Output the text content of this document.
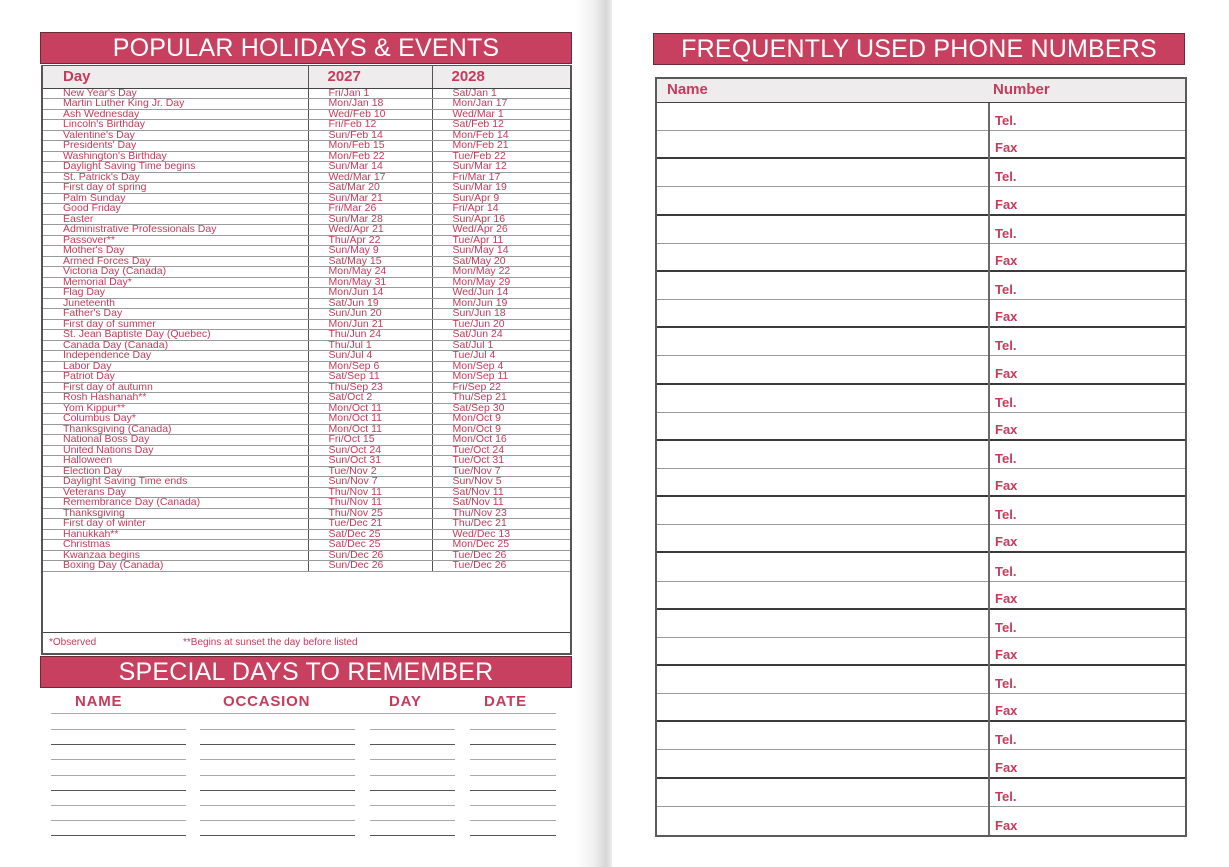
POPULAR HOLIDAYS & EVENTS
Day	2027	2028
New Year's Day	Fri/Jan 1	Sat/Jan 1
Martin Luther King Jr. Day	Mon/Jan 18	Mon/Jan 17
Ash Wednesday	Wed/Feb 10	Wed/Mar 1
Lincoln's Birthday	Fri/Feb 12	Sat/Feb 12
Valentine's Day	Sun/Feb 14	Mon/Feb 14
Presidents' Day	Mon/Feb 15	Mon/Feb 21
Washington's Birthday	Mon/Feb 22	Tue/Feb 22
Daylight Saving Time begins	Sun/Mar 14	Sun/Mar 12
St. Patrick's Day	Wed/Mar 17	Fri/Mar 17
First day of spring	Sat/Mar 20	Sun/Mar 19
Palm Sunday	Sun/Mar 21	Sun/Apr 9
Good Friday	Fri/Mar 26	Fri/Apr 14
Easter	Sun/Mar 28	Sun/Apr 16
Administrative Professionals Day	Wed/Apr 21	Wed/Apr 26
Passover**	Thu/Apr 22	Tue/Apr 11
Mother's Day	Sun/May 9	Sun/May 14
Armed Forces Day	Sat/May 15	Sat/May 20
Victoria Day (Canada)	Mon/May 24	Mon/May 22
Memorial Day*	Mon/May 31	Mon/May 29
Flag Day	Mon/Jun 14	Wed/Jun 14
Juneteenth	Sat/Jun 19	Mon/Jun 19
Father's Day	Sun/Jun 20	Sun/Jun 18
First day of summer	Mon/Jun 21	Tue/Jun 20
St. Jean Baptiste Day (Quebec)	Thu/Jun 24	Sat/Jun 24
Canada Day (Canada)	Thu/Jul 1	Sat/Jul 1
Independence Day	Sun/Jul 4	Tue/Jul 4
Labor Day	Mon/Sep 6	Mon/Sep 4
Patriot Day	Sat/Sep 11	Mon/Sep 11
First day of autumn	Thu/Sep 23	Fri/Sep 22
Rosh Hashanah**	Sat/Oct 2	Thu/Sep 21
Yom Kippur**	Mon/Oct 11	Sat/Sep 30
Columbus Day*	Mon/Oct 11	Mon/Oct 9
Thanksgiving (Canada)	Mon/Oct 11	Mon/Oct 9
National Boss Day	Fri/Oct 15	Mon/Oct 16
United Nations Day	Sun/Oct 24	Tue/Oct 24
Halloween	Sun/Oct 31	Tue/Oct 31
Election Day	Tue/Nov 2	Tue/Nov 7
Daylight Saving Time ends	Sun/Nov 7	Sun/Nov 5
Veterans Day	Thu/Nov 11	Sat/Nov 11
Remembrance Day (Canada)	Thu/Nov 11	Sat/Nov 11
Thanksgiving	Thu/Nov 25	Thu/Nov 23
First day of winter	Tue/Dec 21	Thu/Dec 21
Hanukkah**	Sat/Dec 25	Wed/Dec 13
Christmas	Sat/Dec 25	Mon/Dec 25
Kwanzaa begins	Sun/Dec 26	Tue/Dec 26
Boxing Day (Canada)	Sun/Dec 26	Tue/Dec 26
*Observed	**Begins at sunset the day before listed
SPECIAL DAYS TO REMEMBER
NAME	OCCASION	DAY	DATE
FREQUENTLY USED PHONE NUMBERS
Name	Number
Tel.
Fax
Tel.
Fax
Tel.
Fax
Tel.
Fax
Tel.
Fax
Tel.
Fax
Tel.
Fax
Tel.
Fax
Tel.
Fax
Tel.
Fax
Tel.
Fax
Tel.
Fax
Tel.
Fax
